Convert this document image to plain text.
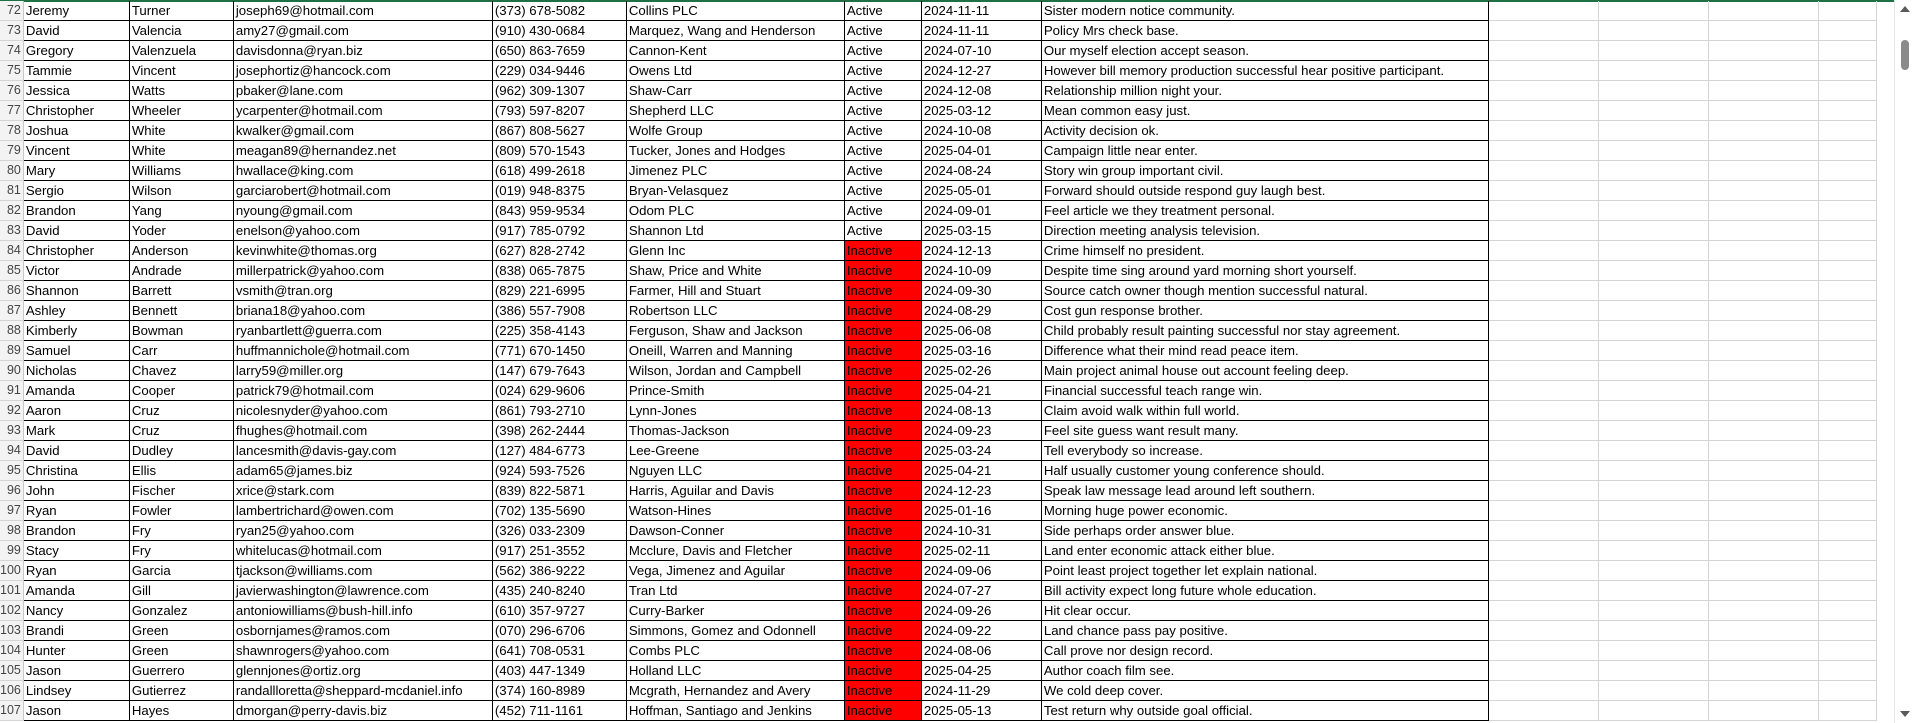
72	Jeremy	Turner	joseph69@hotmail.com	(373) 678-5082	Collins PLC	Active	2024-11-11	Sister modern notice community.				
73	David	Valencia	amy27@gmail.com	(910) 430-0684	Marquez, Wang and Henderson	Active	2024-11-11	Policy Mrs check base.				
74	Gregory	Valenzuela	davisdonna@ryan.biz	(650) 863-7659	Cannon-Kent	Active	2024-07-10	Our myself election accept season.				
75	Tammie	Vincent	josephortiz@hancock.com	(229) 034-9446	Owens Ltd	Active	2024-12-27	However bill memory production successful hear positive participant.				
76	Jessica	Watts	pbaker@lane.com	(962) 309-1307	Shaw-Carr	Active	2024-12-08	Relationship million night your.				
77	Christopher	Wheeler	ycarpenter@hotmail.com	(793) 597-8207	Shepherd LLC	Active	2025-03-12	Mean common easy just.				
78	Joshua	White	kwalker@gmail.com	(867) 808-5627	Wolfe Group	Active	2024-10-08	Activity decision ok.				
79	Vincent	White	meagan89@hernandez.net	(809) 570-1543	Tucker, Jones and Hodges	Active	2025-04-01	Campaign little near enter.				
80	Mary	Williams	hwallace@king.com	(618) 499-2618	Jimenez PLC	Active	2024-08-24	Story win group important civil.				
81	Sergio	Wilson	garciarobert@hotmail.com	(019) 948-8375	Bryan-Velasquez	Active	2025-05-01	Forward should outside respond guy laugh best.				
82	Brandon	Yang	nyoung@gmail.com	(843) 959-9534	Odom PLC	Active	2024-09-01	Feel article we they treatment personal.				
83	David	Yoder	enelson@yahoo.com	(917) 785-0792	Shannon Ltd	Active	2025-03-15	Direction meeting analysis television.				
84	Christopher	Anderson	kevinwhite@thomas.org	(627) 828-2742	Glenn Inc	Inactive	2024-12-13	Crime himself no president.				
85	Victor	Andrade	millerpatrick@yahoo.com	(838) 065-7875	Shaw, Price and White	Inactive	2024-10-09	Despite time sing around yard morning short yourself.				
86	Shannon	Barrett	vsmith@tran.org	(829) 221-6995	Farmer, Hill and Stuart	Inactive	2024-09-30	Source catch owner though mention successful natural.				
87	Ashley	Bennett	briana18@yahoo.com	(386) 557-7908	Robertson LLC	Inactive	2024-08-29	Cost gun response brother.				
88	Kimberly	Bowman	ryanbartlett@guerra.com	(225) 358-4143	Ferguson, Shaw and Jackson	Inactive	2025-06-08	Child probably result painting successful nor stay agreement.				
89	Samuel	Carr	huffmannichole@hotmail.com	(771) 670-1450	Oneill, Warren and Manning	Inactive	2025-03-16	Difference what their mind read peace item.				
90	Nicholas	Chavez	larry59@miller.org	(147) 679-7643	Wilson, Jordan and Campbell	Inactive	2025-02-26	Main project animal house out account feeling deep.				
91	Amanda	Cooper	patrick79@hotmail.com	(024) 629-9606	Prince-Smith	Inactive	2025-04-21	Financial successful teach range win.				
92	Aaron	Cruz	nicolesnyder@yahoo.com	(861) 793-2710	Lynn-Jones	Inactive	2024-08-13	Claim avoid walk within full world.				
93	Mark	Cruz	fhughes@hotmail.com	(398) 262-2444	Thomas-Jackson	Inactive	2024-09-23	Feel site guess want result many.				
94	David	Dudley	lancesmith@davis-gay.com	(127) 484-6773	Lee-Greene	Inactive	2025-03-24	Tell everybody so increase.				
95	Christina	Ellis	adam65@james.biz	(924) 593-7526	Nguyen LLC	Inactive	2025-04-21	Half usually customer young conference should.				
96	John	Fischer	xrice@stark.com	(839) 822-5871	Harris, Aguilar and Davis	Inactive	2024-12-23	Speak law message lead around left southern.				
97	Ryan	Fowler	lambertrichard@owen.com	(702) 135-5690	Watson-Hines	Inactive	2025-01-16	Morning huge power economic.				
98	Brandon	Fry	ryan25@yahoo.com	(326) 033-2309	Dawson-Conner	Inactive	2024-10-31	Side perhaps order answer blue.				
99	Stacy	Fry	whitelucas@hotmail.com	(917) 251-3552	Mcclure, Davis and Fletcher	Inactive	2025-02-11	Land enter economic attack either blue.				
100	Ryan	Garcia	tjackson@williams.com	(562) 386-9222	Vega, Jimenez and Aguilar	Inactive	2024-09-06	Point least project together let explain national.				
101	Amanda	Gill	javierwashington@lawrence.com	(435) 240-8240	Tran Ltd	Inactive	2024-07-27	Bill activity expect long future whole education.				
102	Nancy	Gonzalez	antoniowilliams@bush-hill.info	(610) 357-9727	Curry-Barker	Inactive	2024-09-26	Hit clear occur.				
103	Brandi	Green	osbornjames@ramos.com	(070) 296-6706	Simmons, Gomez and Odonnell	Inactive	2024-09-22	Land chance pass pay positive.				
104	Hunter	Green	shawnrogers@yahoo.com	(641) 708-0531	Combs PLC	Inactive	2024-08-06	Call prove nor design record.				
105	Jason	Guerrero	glennjones@ortiz.org	(403) 447-1349	Holland LLC	Inactive	2025-04-25	Author coach film see.				
106	Lindsey	Gutierrez	randallloretta@sheppard-mcdaniel.info	(374) 160-8989	Mcgrath, Hernandez and Avery	Inactive	2024-11-29	We cold deep cover.				
107	Jason	Hayes	dmorgan@perry-davis.biz	(452) 711-1161	Hoffman, Santiago and Jenkins	Inactive	2025-05-13	Test return why outside goal official.				
